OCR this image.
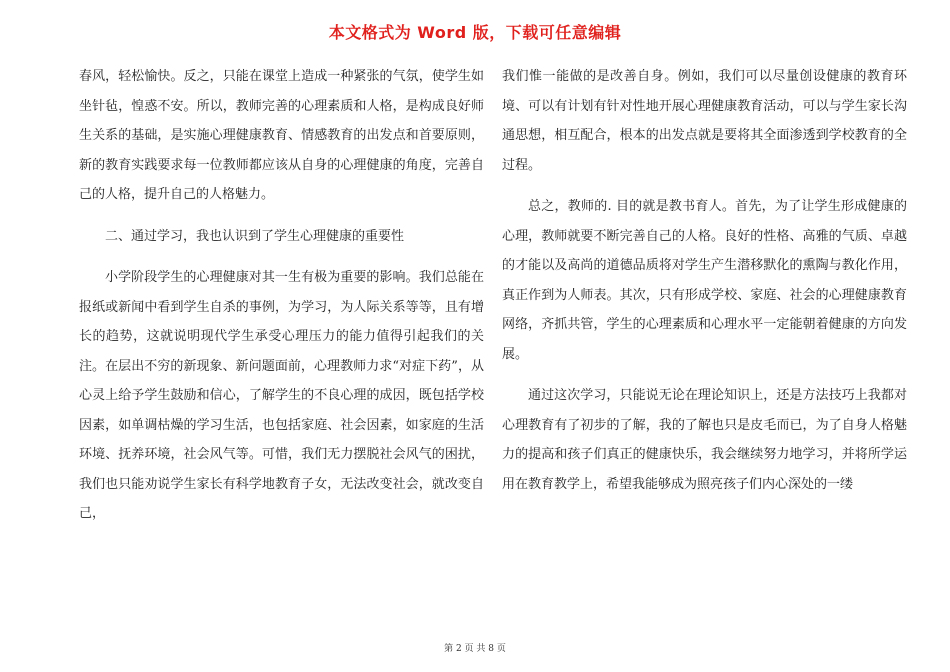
本文格式为 Word 版，下载可任意编辑

春风，轻松愉快。反之，只能在课堂上造成一种紧张的气氛，使学生如坐针毡，惶惑不安。所以，教师完善的心理素质和人格，是构成良好师生关系的基础，是实施心理健康教育、情感教育的出发点和首要原则，新的教育实践要求每一位教师都应该从自身的心理健康的角度，完善自己的人格，提升自己的人格魅力。

二、通过学习，我也认识到了学生心理健康的重要性

小学阶段学生的心理健康对其一生有极为重要的影响。我们总能在报纸或新闻中看到学生自杀的事例，为学习，为人际关系等等，且有增长的趋势，这就说明现代学生承受心理压力的能力值得引起我们的关注。在层出不穷的新现象、新问题面前，心理教师力求“对症下药”，从心灵上给予学生鼓励和信心，了解学生的不良心理的成因，既包括学校因素，如单调枯燥的学习生活，也包括家庭、社会因素，如家庭的生活环境、抚养环境，社会风气等。可惜，我们无力摆脱社会风气的困扰，我们也只能劝说学生家长有科学地教育子女，无法改变社会，就改变自己，

我们惟一能做的是改善自身。例如，我们可以尽量创设健康的教育环境、可以有计划有针对性地开展心理健康教育活动，可以与学生家长沟通思想，相互配合，根本的出发点就是要将其全面渗透到学校教育的全过程。

总之，教师的. 目的就是教书育人。首先，为了让学生形成健康的心理，教师就要不断完善自己的人格。良好的性格、高雅的气质、卓越的才能以及高尚的道德品质将对学生产生潜移默化的熏陶与教化作用，真正作到为人师表。其次，只有形成学校、家庭、社会的心理健康教育网络，齐抓共管，学生的心理素质和心理水平一定能朝着健康的方向发展。

通过这次学习，只能说无论在理论知识上，还是方法技巧上我都对心理教育有了初步的了解，我的了解也只是皮毛而已，为了自身人格魅力的提高和孩子们真正的健康快乐，我会继续努力地学习，并将所学运用在教育教学上，希望我能够成为照亮孩子们内心深处的一缕

第 2 页 共 8 页
